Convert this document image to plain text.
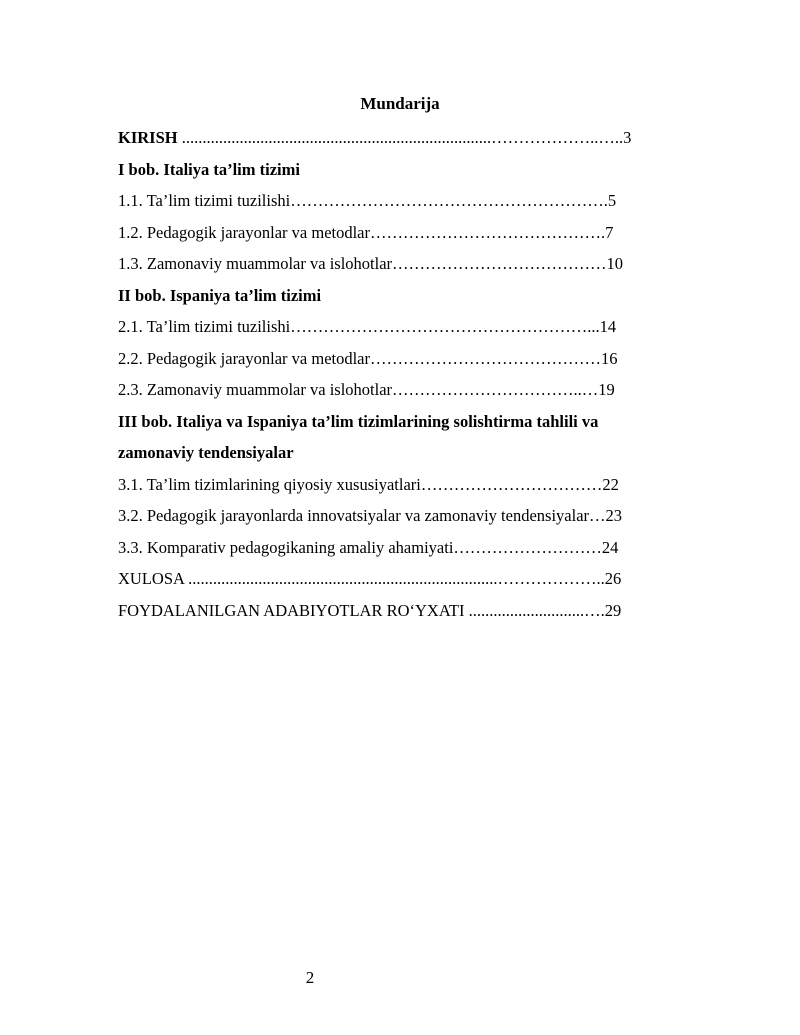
Mundarija
KIRISH ...........................................................................………………..…..3
I bob. Italiya ta’lim tizimi
1.1. Ta’lim tizimi tuzilishi………………………………………………….5
1.2. Pedagogik jarayonlar va metodlar…………………………………….7
1.3. Zamonaviy muammolar va islohotlar…………………………………10
II bob. Ispaniya ta’lim tizimi
2.1. Ta’lim tizimi tuzilishi………………………………………………...14
2.2. Pedagogik jarayonlar va metodlar……………………………………16
2.3. Zamonaviy muammolar va islohotlar……………………………..…19
III bob. Italiya va Ispaniya ta’lim tizimlarining solishtirma tahlili va
zamonaviy tendensiyalar
3.1. Ta’lim tizimlarining qiyosiy xususiyatlari……………………………22
3.2. Pedagogik jarayonlarda innovatsiyalar va zamonaviy tendensiyalar…23
3.3. Komparativ pedagogikaning amaliy ahamiyati………………………24
XULOSA ...........................................................................………………..26
FOYDALANILGAN ADABIYOTLAR RO‘YXATI ............................….29
2
